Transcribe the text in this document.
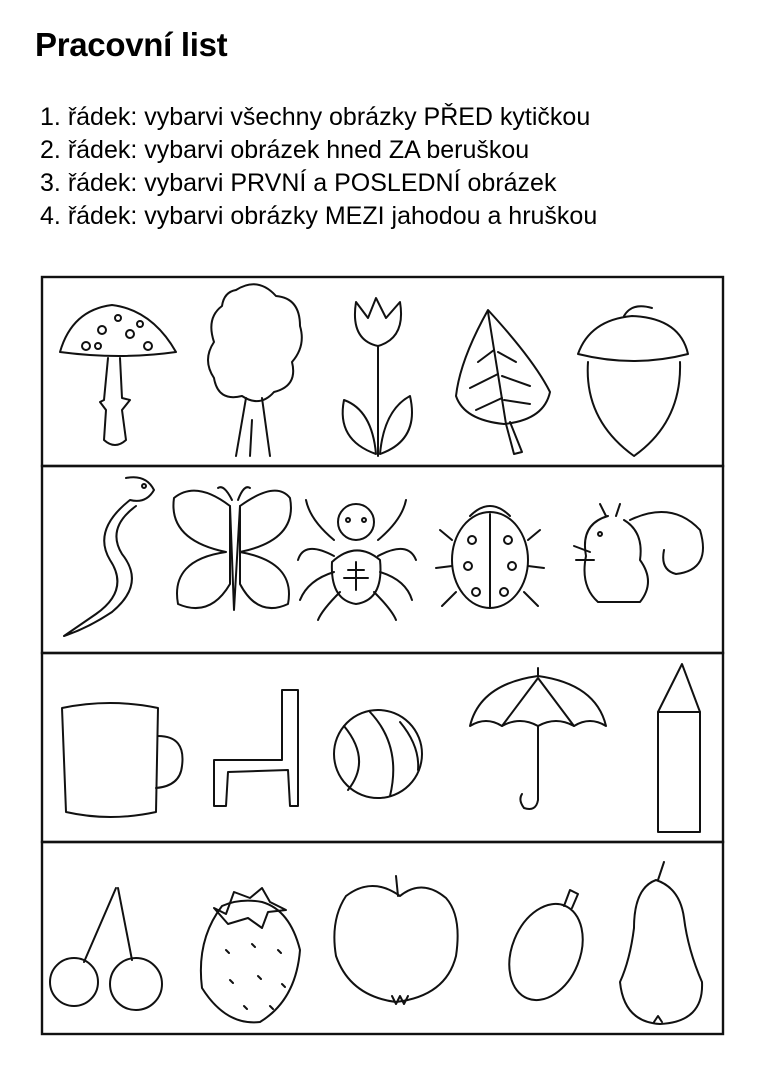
Pracovní list
1. řádek: vybarvi všechny obrázky PŘED kytičkou
2. řádek: vybarvi obrázek hned ZA beruškou
3. řádek: vybarvi PRVNÍ a POSLEDNÍ obrázek
4. řádek: vybarvi obrázky MEZI jahodou a hruškou
